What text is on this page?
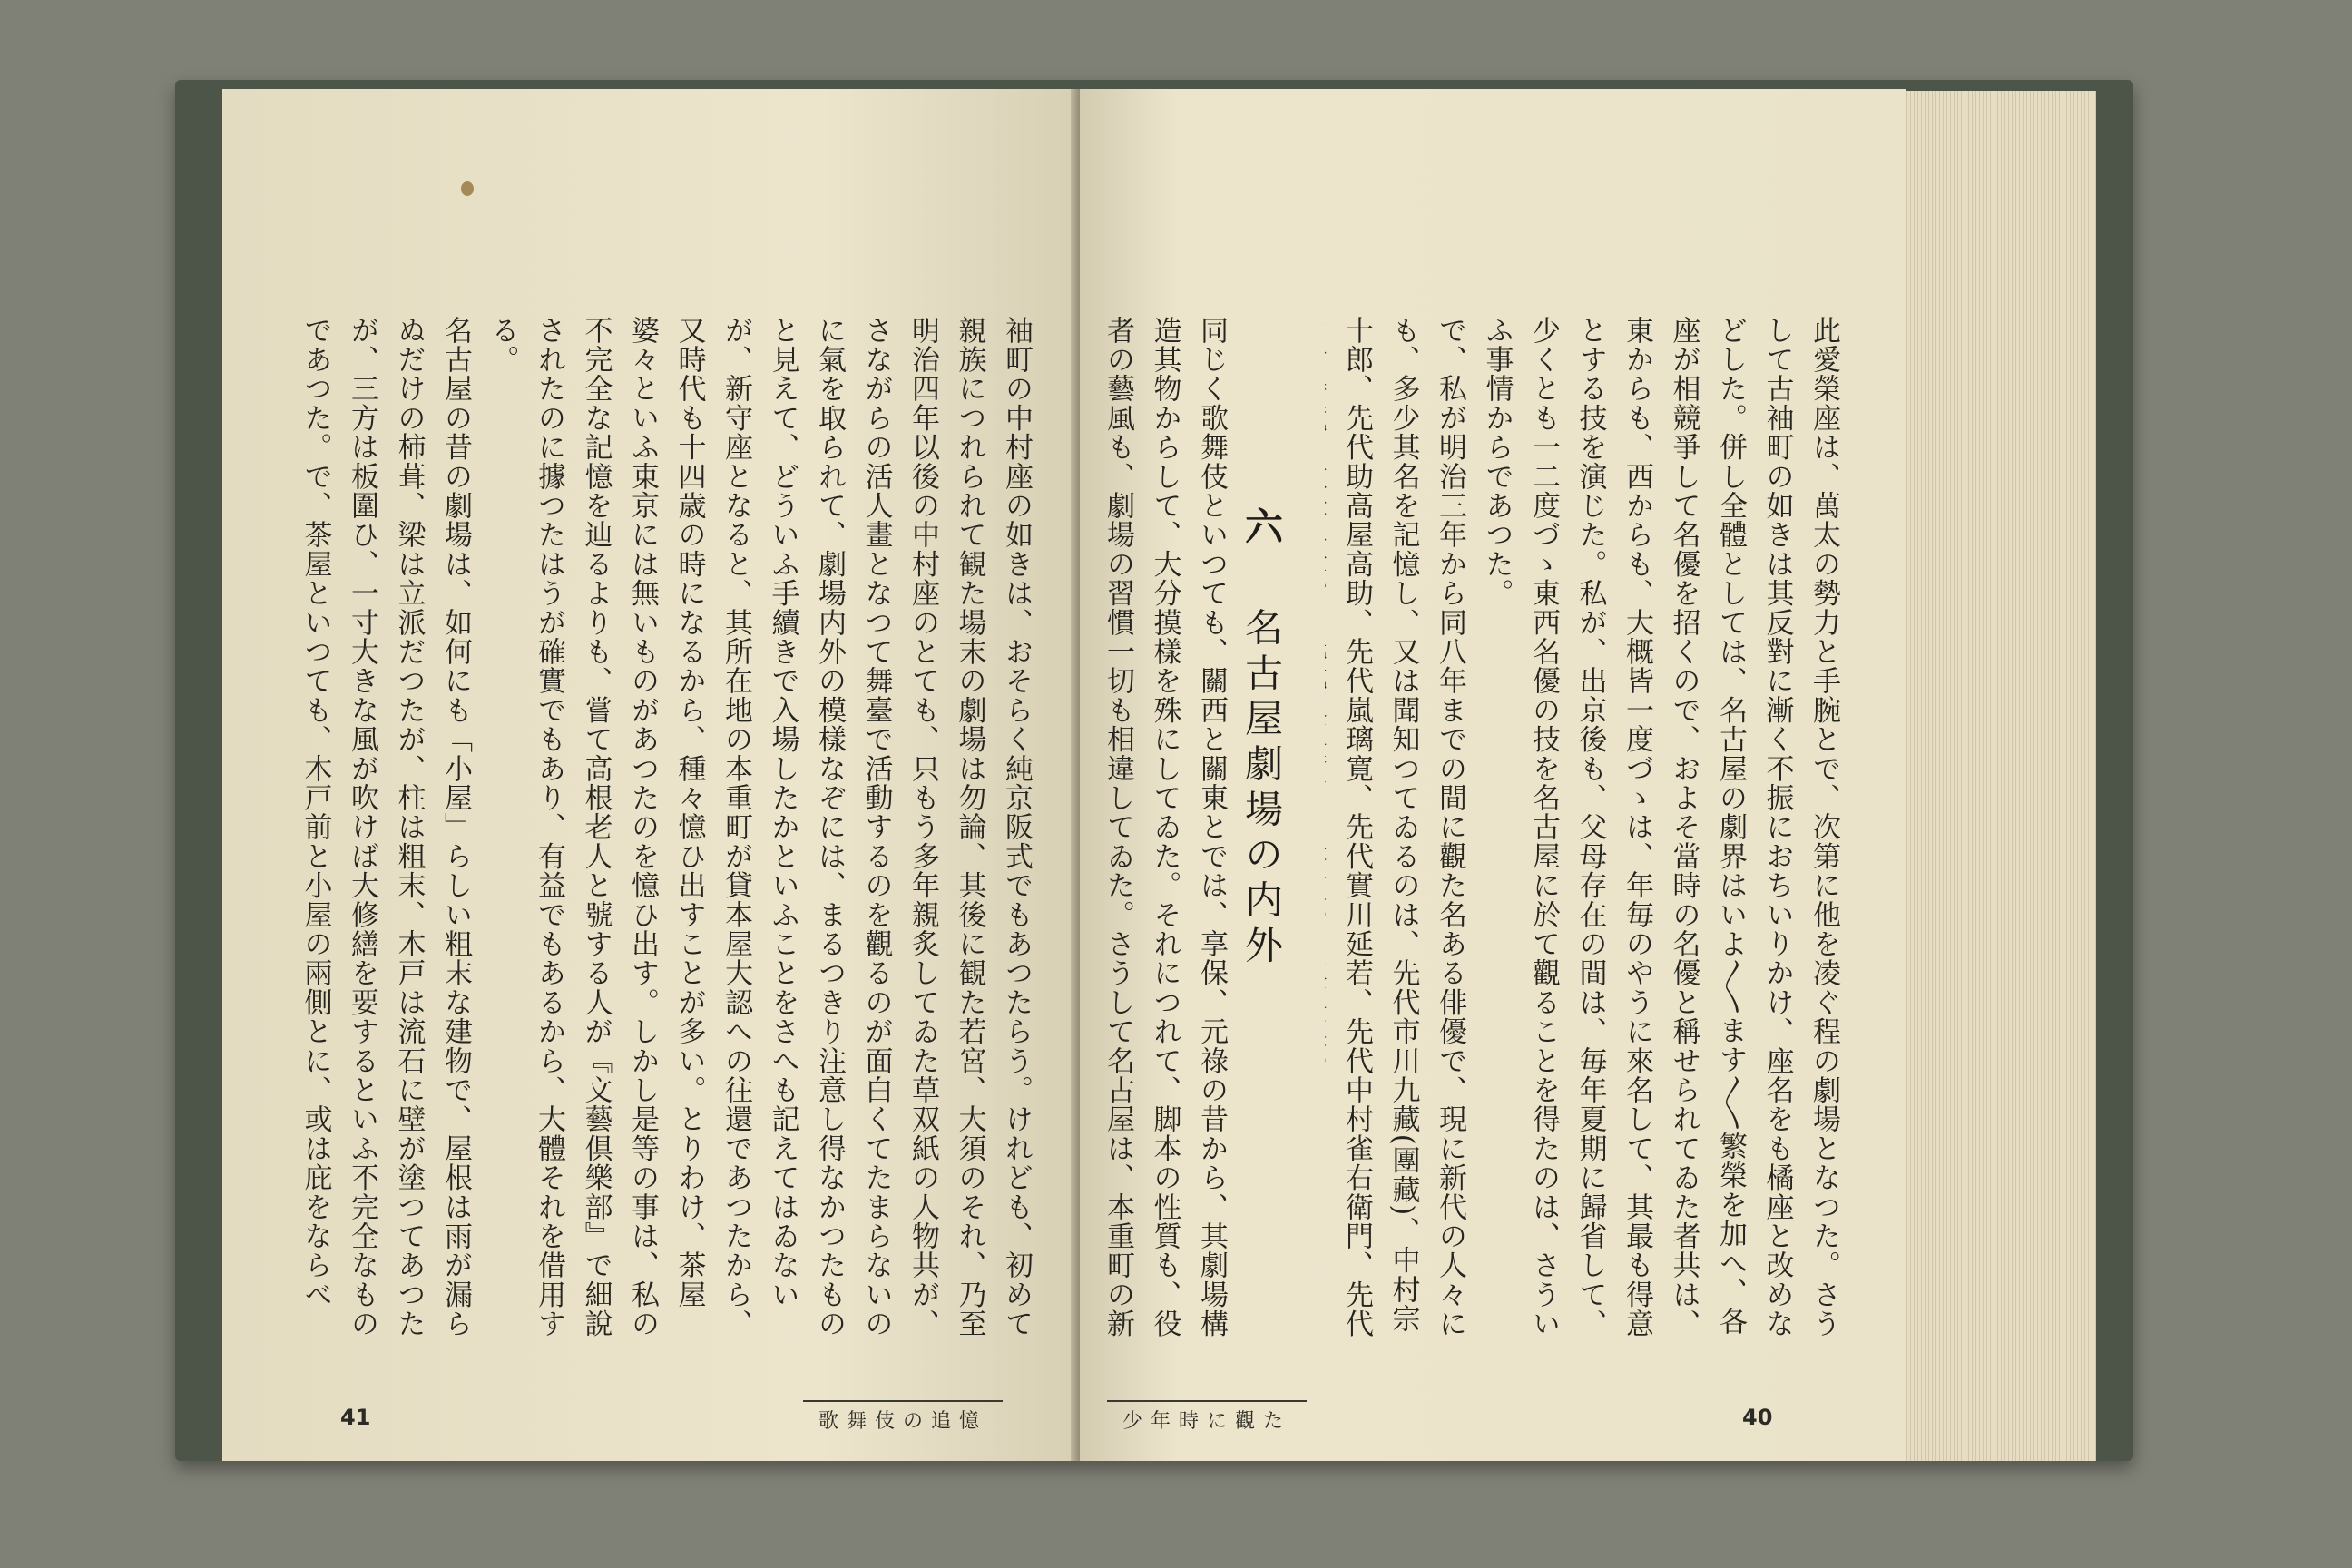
袖町の中村座の如きは、おそらく純京阪式でもあつたらう。けれども、初めて親族につれられて観た場末の劇場は勿論、其後に観た若宮、大須のそれ、乃至明治四年以後の中村座のとても、只もう多年親炙してゐた草双紙の人物共が、さながらの活人畫となつて舞臺で活動するのを觀るのが面白くてたまらないのに氣を取られて、劇場内外の模樣なぞには、まるつきり注意し得なかつたものと見えて、どういふ手續きで入場したかといふことをさへも記えてはゐないが、新守座となると、其所在地の本重町が貸本屋大認への往還であつたから、又時代も十四歳の時になるから、種々憶ひ出すことが多い。とりわけ、茶屋婆々といふ東京には無いものがあつたのを憶ひ出す。しかし是等の事は、私の不完全な記憶を辿るよりも、嘗て高根老人と號する人が『文藝倶樂部』で細說されたのに據つたはうが確實でもあり、有益でもあるから、大體それを借用する。

名古屋の昔の劇場は、如何にも「小屋」らしい粗末な建物で、屋根は雨が漏らぬだけの柿葺、梁は立派だつたが、柱は粗末、木戸は流石に壁が塗つてあつたが、三方は板圍ひ、一寸大きな風が吹けば大修繕を要するといふ不完全なものであつた。で、茶屋といつても、木戸前と小屋の兩側とに、或は庇をならべ

41	歌舞伎の追憶

此愛榮座は、萬太の勢力と手腕とで、次第に他を凌ぐ程の劇場となつた。さうして古袖町の如きは其反對に漸く不振におちいりかけ、座名をも橘座と改めなどした。併し全體としては、名古屋の劇界はいよ〳〵ます〳〵繁榮を加へ、各座が相競爭して名優を招くので、およそ當時の名優と稱せられてゐた者共は、東からも、西からも、大概皆一度づゝは、年毎のやうに來名して、其最も得意とする技を演じた。私が、出京後も、父母存在の間は、毎年夏期に歸省して、少くとも一二度づゝ東西名優の技を名古屋に於て觀ることを得たのは、さういふ事情からであつた。

で、私が明治三年から同八年までの間に觀た名ある俳優で、現に新代の人々にも、多少其名を記憶し、又は聞知つてゐるのは、先代市川九藏(團藏)、中村宗十郎、先代助高屋高助、先代嵐璃寛、先代實川延若、先代中村雀右衛門、先代

六 名古屋劇場の内外

同じく歌舞伎といつても、關西と關東とでは、享保、元祿の昔から、其劇場構造其物からして、大分摸樣を殊にしてゐた。それにつれて、脚本の性質も、役者の藝風も、劇場の習慣一切も相違してゐた。さうして名古屋は、本重町の新

少年時に觀た	40
